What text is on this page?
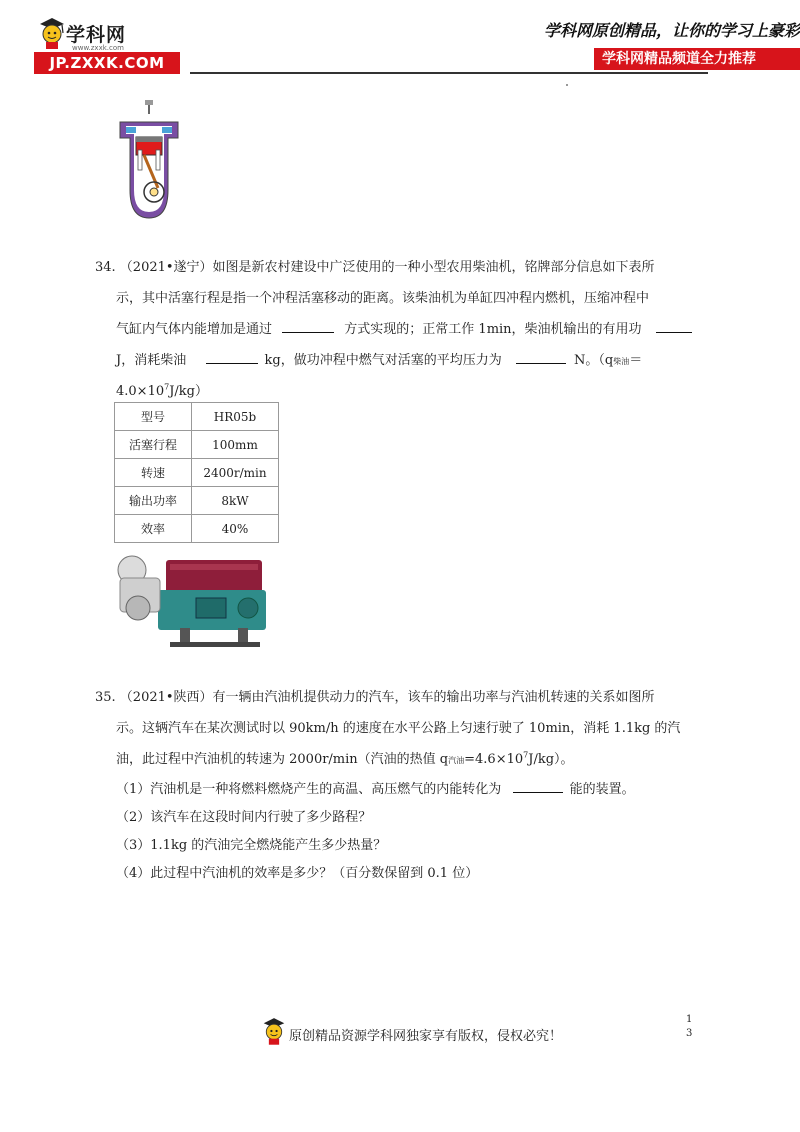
学科网
www.zxxk.com
JP.ZXXK.COM
学科网原创精品，让你的学习上豪彩
学科网精品频道全力推荐
34. （2021•遂宁）如图是新农村建设中广泛使用的一种小型农用柴油机，铭牌部分信息如下表所
示，其中活塞行程是指一个冲程活塞移动的距离。该柴油机为单缸四冲程内燃机，压缩冲程中
气缸内气体内能增加是通过	方式实现的；正常工作 1min，柴油机输出的有用功
J，消耗柴油	kg，做功冲程中燃气对活塞的平均压力为	N。（q柴油＝
$4.0\times 10^7J/kg$）
型号	HR05b
活塞行程	100mm
转速	2400r/min
输出功率	8kW
效率	40%
35. （2021•陕西）有一辆由汽油机提供动力的汽车，该车的输出功率与汽油机转速的关系如图所
示。这辆汽车在某次测试时以 90km/h 的速度在水平公路上匀速行驶了 10min，消耗 1.1kg 的汽
油，此过程中汽油机的转速为 2000r/min（汽油的热值 q汽油$=4.6\times 10^7J/kg$）。
（1）汽油机是一种将燃料燃烧产生的高温、高压燃气的内能转化为	能的装置。
（2）该汽车在这段时间内行驶了多少路程？
（3）1.1kg 的汽油完全燃烧能产生多少热量？
（4）此过程中汽油机的效率是多少？（百分数保留到 0.1 位）
原创精品资源学科网独家享有版权，侵权必究！
1
3
